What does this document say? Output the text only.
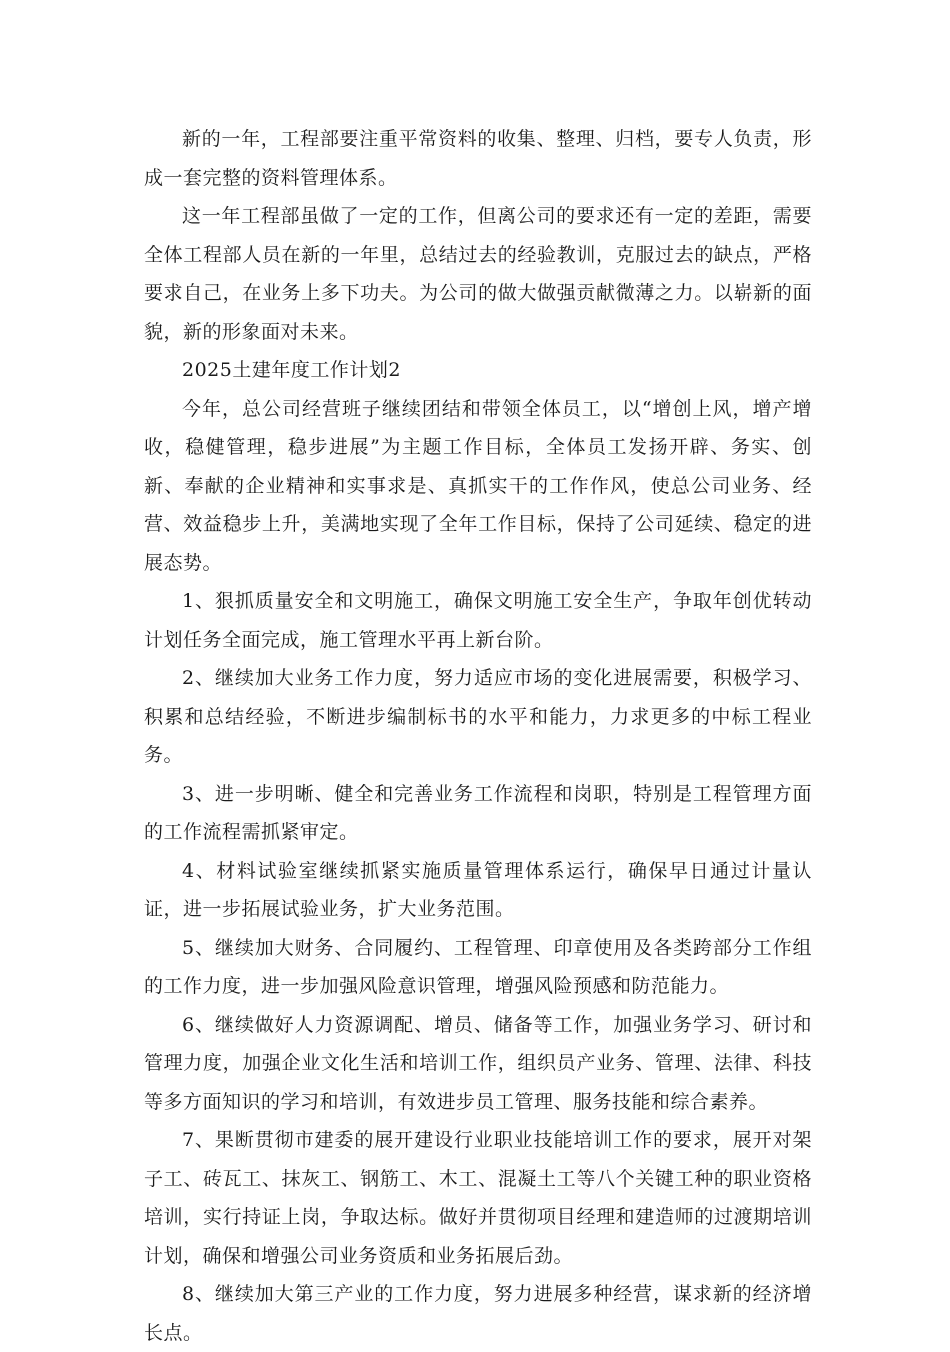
新的一年，工程部要注重平常资料的收集、整理、归档，要专人负责，形成一套完整的资料管理体系。

这一年工程部虽做了一定的工作，但离公司的要求还有一定的差距，需要全体工程部人员在新的一年里，总结过去的经验教训，克服过去的缺点，严格要求自己，在业务上多下功夫。为公司的做大做强贡献微薄之力。以崭新的面貌，新的形象面对未来。

2025土建年度工作计划2

今年，总公司经营班子继续团结和带领全体员工，以“增创上风，增产增收，稳健管理，稳步进展”为主题工作目标，全体员工发扬开辟、务实、创新、奉献的企业精神和实事求是、真抓实干的工作作风，使总公司业务、经营、效益稳步上升，美满地实现了全年工作目标，保持了公司延续、稳定的进展态势。

1、狠抓质量安全和文明施工，确保文明施工安全生产，争取年创优转动计划任务全面完成，施工管理水平再上新台阶。

2、继续加大业务工作力度，努力适应市场的变化进展需要，积极学习、积累和总结经验，不断进步编制标书的水平和能力，力求更多的中标工程业务。

3、进一步明晰、健全和完善业务工作流程和岗职，特别是工程管理方面的工作流程需抓紧审定。

4、材料试验室继续抓紧实施质量管理体系运行，确保早日通过计量认证，进一步拓展试验业务，扩大业务范围。

5、继续加大财务、合同履约、工程管理、印章使用及各类跨部分工作组的工作力度，进一步加强风险意识管理，增强风险预感和防范能力。

6、继续做好人力资源调配、增员、储备等工作，加强业务学习、研讨和管理力度，加强企业文化生活和培训工作，组织员产业务、管理、法律、科技等多方面知识的学习和培训，有效进步员工管理、服务技能和综合素养。

7、果断贯彻市建委的展开建设行业职业技能培训工作的要求，展开对架子工、砖瓦工、抹灰工、钢筋工、木工、混凝土工等八个关键工种的职业资格培训，实行持证上岗，争取达标。做好并贯彻项目经理和建造师的过渡期培训计划，确保和增强公司业务资质和业务拓展后劲。

8、继续加大第三产业的工作力度，努力进展多种经营，谋求新的经济增长点。
